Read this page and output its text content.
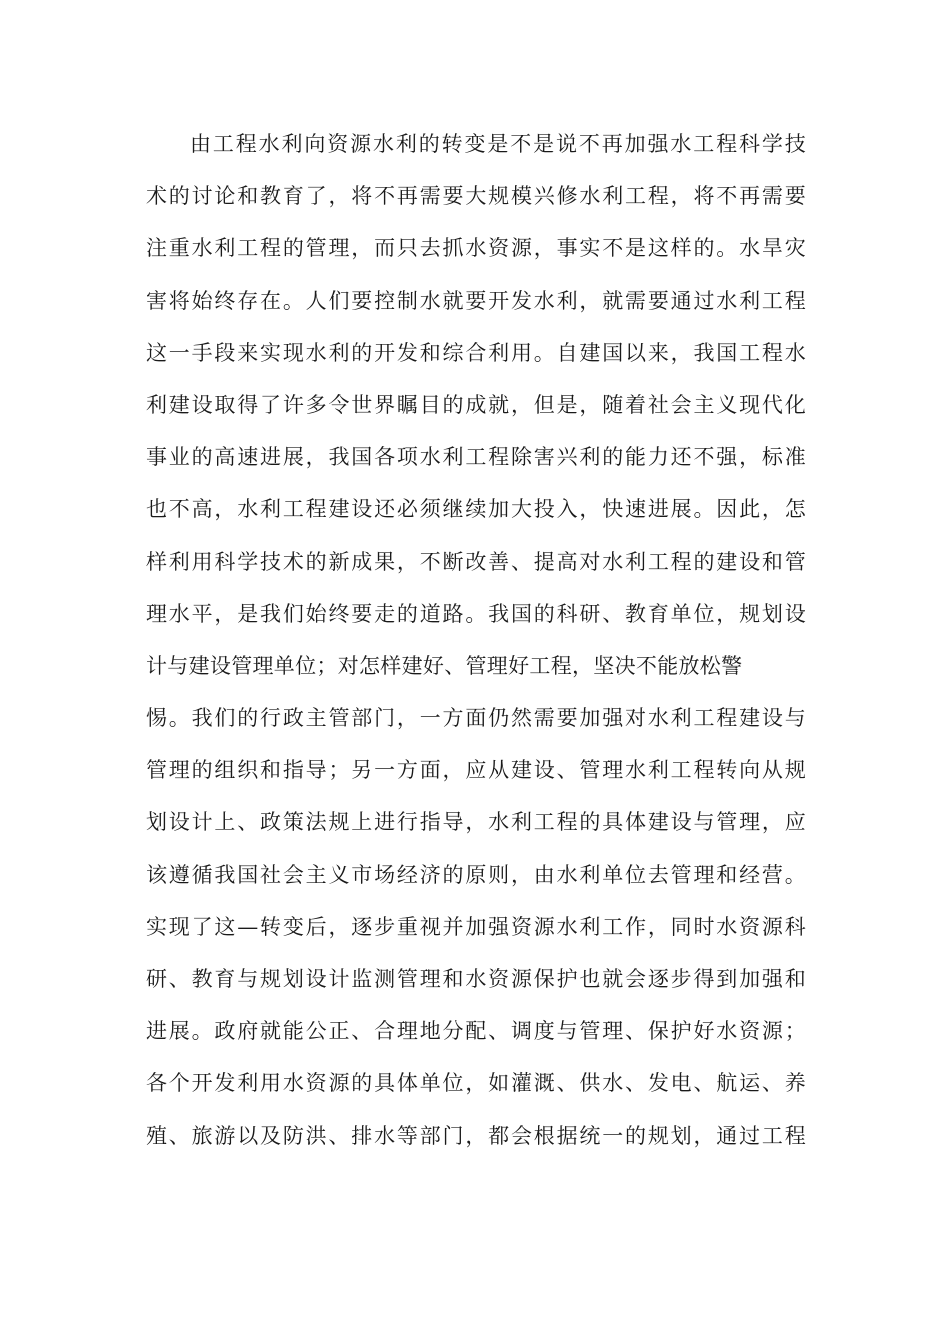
由工程水利向资源水利的转变是不是说不再加强水工程科学技
术的讨论和教育了，将不再需要大规模兴修水利工程，将不再需要
注重水利工程的管理，而只去抓水资源，事实不是这样的。水旱灾
害将始终存在。人们要控制水就要开发水利，就需要通过水利工程
这一手段来实现水利的开发和综合利用。自建国以来，我国工程水
利建设取得了许多令世界瞩目的成就，但是，随着社会主义现代化
事业的高速进展，我国各项水利工程除害兴利的能力还不强，标准
也不高，水利工程建设还必须继续加大投入，快速进展。因此，怎
样利用科学技术的新成果，不断改善、提高对水利工程的建设和管
理水平，是我们始终要走的道路。我国的科研、教育单位，规划设
计与建设管理单位；对怎样建好、管理好工程，坚决不能放松警
惕。我们的行政主管部门，一方面仍然需要加强对水利工程建设与
管理的组织和指导；另一方面，应从建设、管理水利工程转向从规
划设计上、政策法规上进行指导，水利工程的具体建设与管理，应
该遵循我国社会主义市场经济的原则，由水利单位去管理和经营。
实现了这—转变后，逐步重视并加强资源水利工作，同时水资源科
研、教育与规划设计监测管理和水资源保护也就会逐步得到加强和
进展。政府就能公正、合理地分配、调度与管理、保护好水资源；
各个开发利用水资源的具体单位，如灌溉、供水、发电、航运、养
殖、旅游以及防洪、排水等部门，都会根据统一的规划，通过工程
